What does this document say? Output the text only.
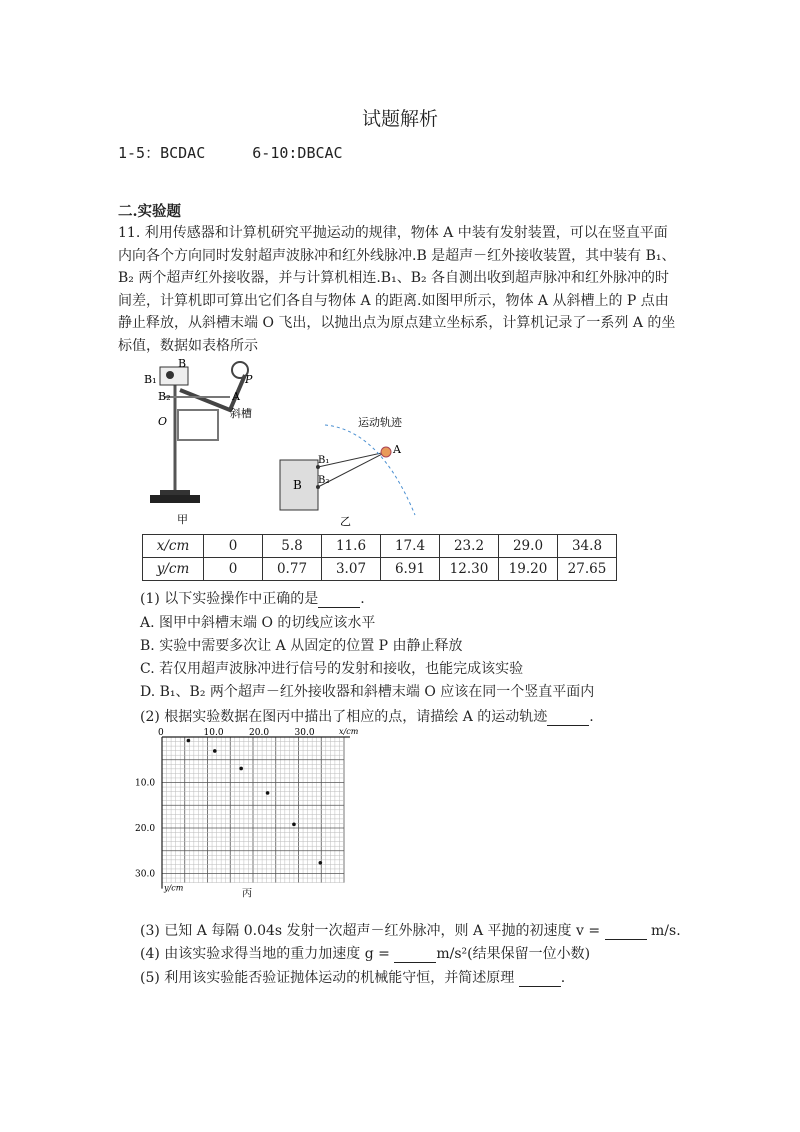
试题解析
1-5：BCDAC	6-10:DBCAC
二.实验题
11. 利用传感器和计算机研究平抛运动的规律，物体 A 中装有发射装置，可以在竖直平面内向各个方向同时发射超声波脉冲和红外线脉冲.B 是超声－红外接收装置，其中装有 B₁、B₂ 两个超声红外接收器，并与计算机相连.B₁、B₂ 各自测出收到超声脉冲和红外脉冲的时间差，计算机即可算出它们各自与物体 A 的距离.如图甲所示，物体 A 从斜槽上的 P 点由静止释放，从斜槽末端 O 飞出，以抛出点为原点建立坐标系，计算机记录了一系列 A 的坐标值，数据如表格所示
B₁
B
B₂
P
A
O
斜槽
甲
B
B₁
B₂
A
运动轨迹
乙
x/cm	0	5.8	11.6	17.4	23.2	29.0	34.8
y/cm	0	0.77	3.07	6.91	12.30	19.20	27.65
(1) 以下实验操作中正确的是	.
A. 图甲中斜槽末端 O 的切线应该水平
B. 实验中需要多次让 A 从固定的位置 P 由静止释放
C. 若仅用超声波脉冲进行信号的发射和接收，也能完成该实验
D. B₁、B₂ 两个超声－红外接收器和斜槽末端 O 应该在同一个竖直平面内
(2) 根据实验数据在图丙中描出了相应的点，请描绘 A 的运动轨迹	.
0	10.0	20.0	30.0
10.0
20.0
30.0
x/cm
y/cm
丙
(3) 已知 A 每隔 0.04s 发射一次超声－红外脉冲，则 A 平抛的初速度 v =	m/s.
(4) 由该实验求得当地的重力加速度 g =	m/s²(结果保留一位小数)
(5) 利用该实验能否验证抛体运动的机械能守恒，并简述原理	.
